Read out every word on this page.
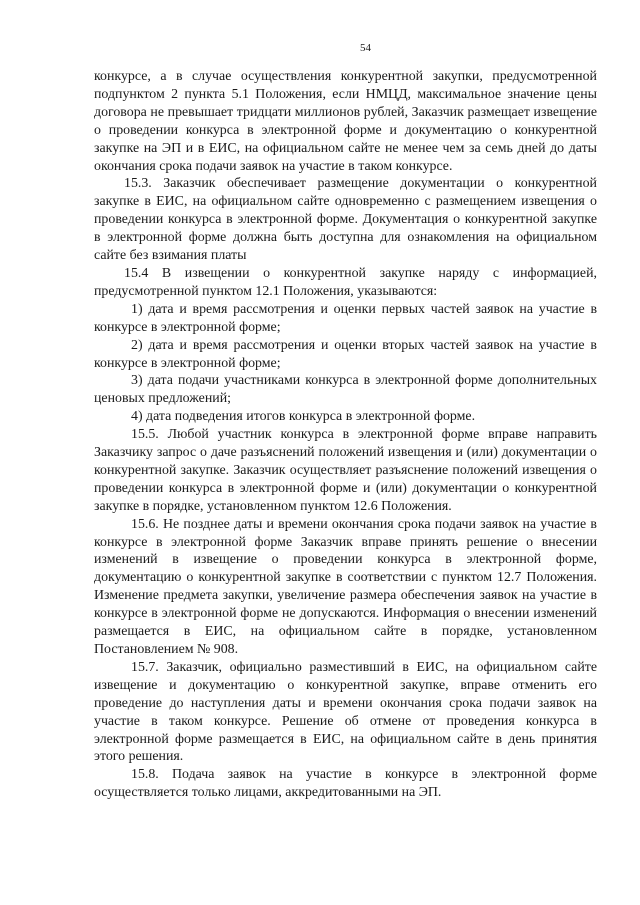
54

конкурсе, а в случае осуществления конкурентной закупки, предусмотренной подпунктом 2 пункта 5.1 Положения, если НМЦД, максимальное значение цены договора не превышает тридцати миллионов рублей, Заказчик размещает извещение о проведении конкурса в электронной форме и документацию о конкурентной закупке на ЭП и в ЕИС, на официальном сайте не менее чем за семь дней до даты окончания срока подачи заявок на участие в таком конкурсе.

15.3. Заказчик обеспечивает размещение документации о конкурентной закупке в ЕИС, на официальном сайте одновременно с размещением извещения о проведении конкурса в электронной форме. Документация о конкурентной закупке в электронной форме должна быть доступна для ознакомления на официальном сайте без взимания платы

15.4 В извещении о конкурентной закупке наряду с информацией, предусмотренной пунктом 12.1 Положения, указываются:

1) дата и время рассмотрения и оценки первых частей заявок на участие в конкурсе в электронной форме;

2) дата и время рассмотрения и оценки вторых частей заявок на участие в конкурсе в электронной форме;

3) дата подачи участниками конкурса в электронной форме дополнительных ценовых предложений;

4) дата подведения итогов конкурса в электронной форме.

15.5. Любой участник конкурса в электронной форме вправе направить Заказчику запрос о даче разъяснений положений извещения и (или) документации о конкурентной закупке. Заказчик осуществляет разъяснение положений извещения о проведении конкурса в электронной форме и (или) документации о конкурентной закупке в порядке, установленном пунктом 12.6 Положения.

15.6. Не позднее даты и времени окончания срока подачи заявок на участие в конкурсе в электронной форме Заказчик вправе принять решение о внесении изменений в извещение о проведении конкурса в электронной форме, документацию о конкурентной закупке в соответствии с пунктом 12.7 Положения. Изменение предмета закупки, увеличение размера обеспечения заявок на участие в конкурсе в электронной форме не допускаются. Информация о внесении изменений размещается в ЕИС, на официальном сайте в порядке, установленном Постановлением № 908.

15.7. Заказчик, официально разместивший в ЕИС, на официальном сайте извещение и документацию о конкурентной закупке, вправе отменить его проведение до наступления даты и времени окончания срока подачи заявок на участие в таком конкурсе. Решение об отмене от проведения конкурса в электронной форме размещается в ЕИС, на официальном сайте в день принятия этого решения.

15.8. Подача заявок на участие в конкурсе в электронной форме осуществляется только лицами, аккредитованными на ЭП.
